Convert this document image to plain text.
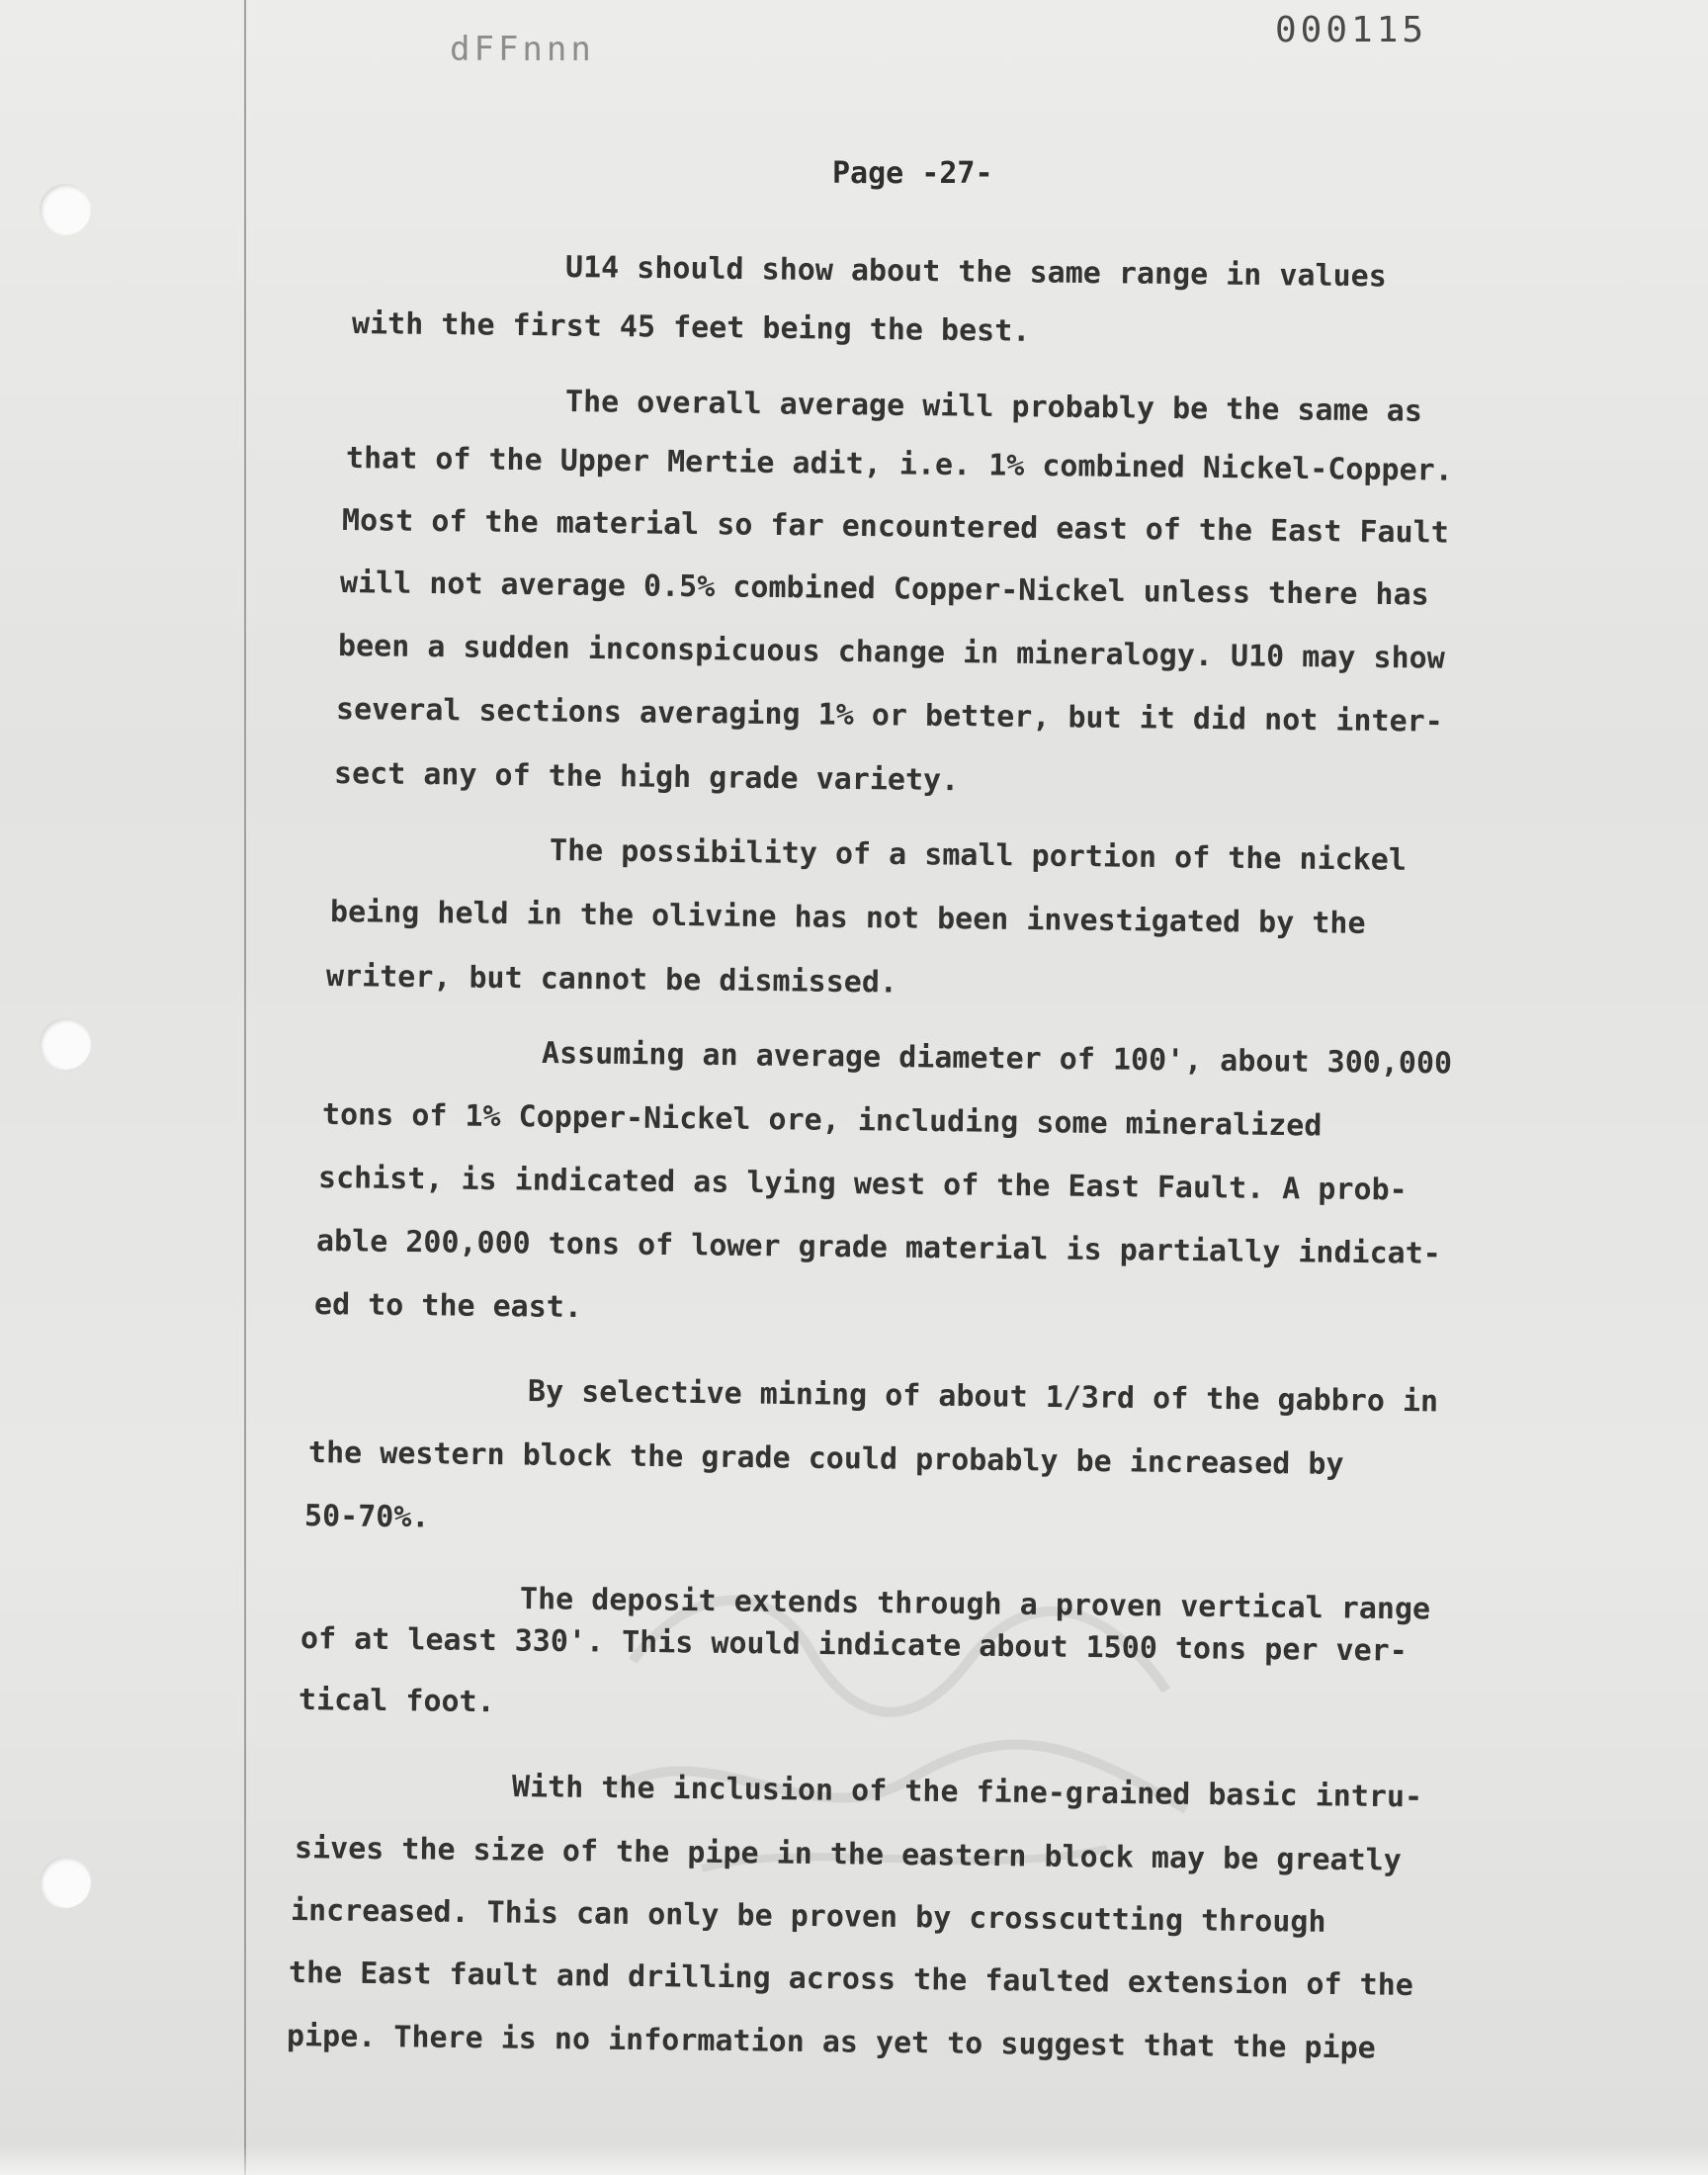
dFFnnn	000115
Page -27-
U14 should show about the same range in values
with the first 45 feet being the best.
The overall average will probably be the same as
that of the Upper Mertie adit, i.e. 1% combined Nickel-Copper.
Most of the material so far encountered east of the East Fault
will not average 0.5% combined Copper-Nickel unless there has
been a sudden inconspicuous change in mineralogy. U10 may show
several sections averaging 1% or better, but it did not inter-
sect any of the high grade variety.
The possibility of a small portion of the nickel
being held in the olivine has not been investigated by the
writer, but cannot be dismissed.
Assuming an average diameter of 100', about 300,000
tons of 1% Copper-Nickel ore, including some mineralized
schist, is indicated as lying west of the East Fault. A prob-
able 200,000 tons of lower grade material is partially indicat-
ed to the east.
By selective mining of about 1/3rd of the gabbro in
the western block the grade could probably be increased by
50-70%.
The deposit extends through a proven vertical range
of at least 330'. This would indicate about 1500 tons per ver-
tical foot.
With the inclusion of the fine-grained basic intru-
sives the size of the pipe in the eastern block may be greatly
increased. This can only be proven by crosscutting through
the East fault and drilling across the faulted extension of the
pipe. There is no information as yet to suggest that the pipe
